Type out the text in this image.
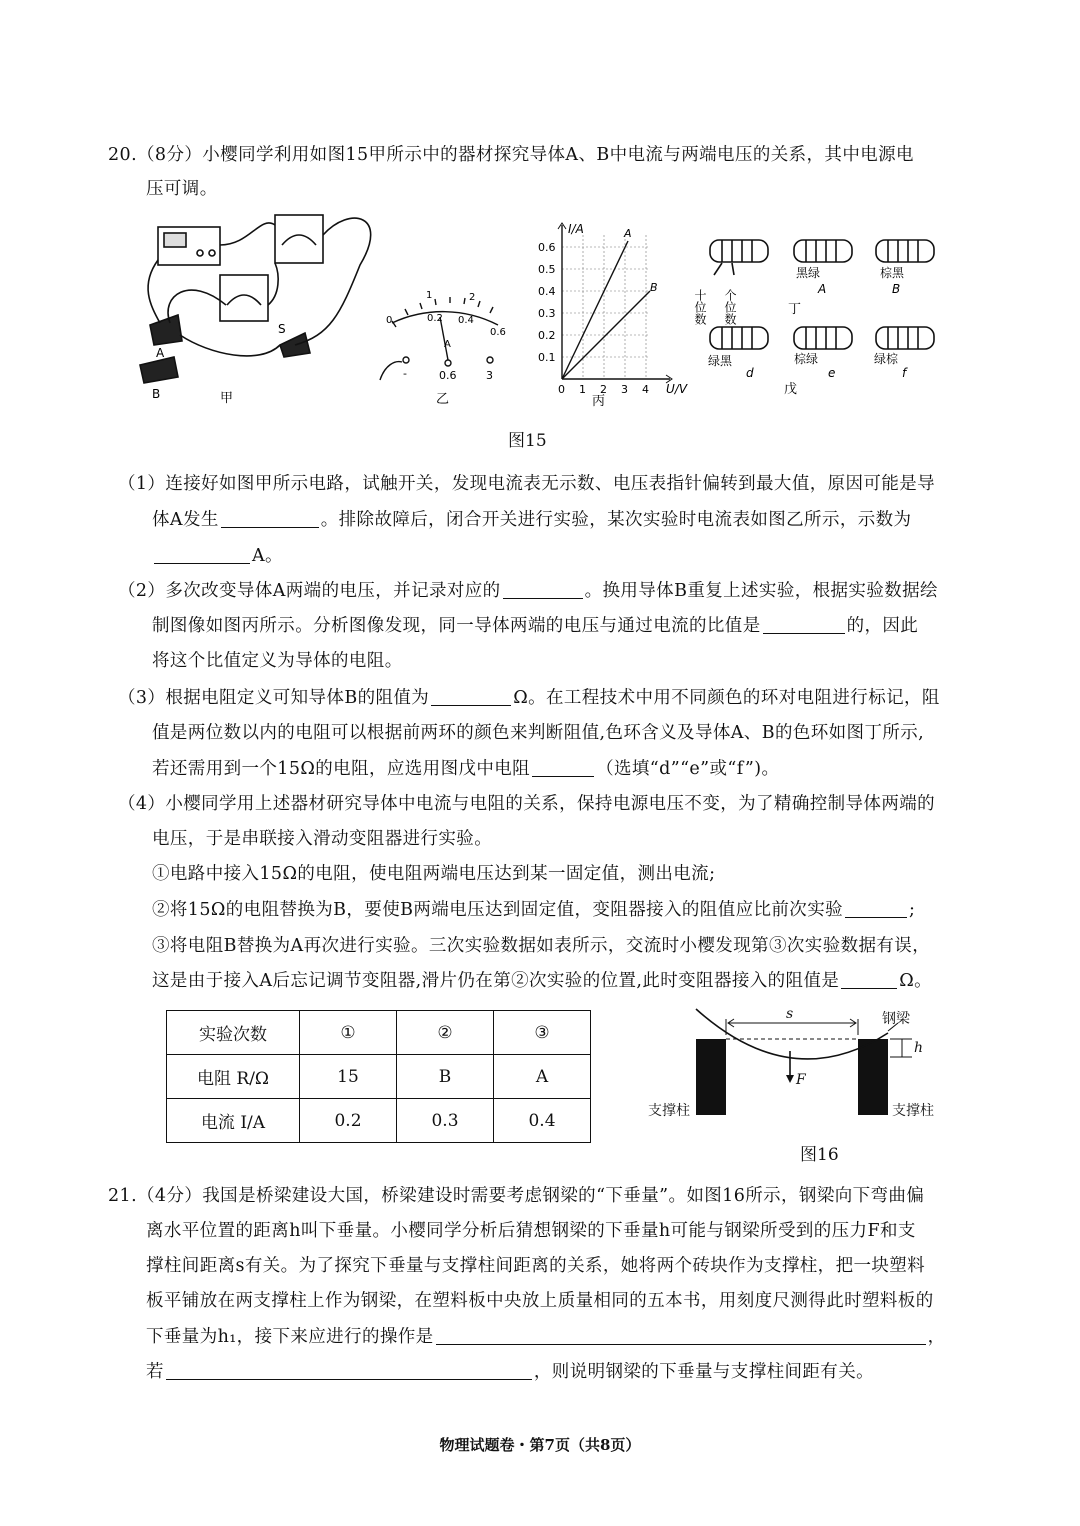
20.（8分）小樱同学利用如图15甲所示中的器材探究导体A、B中电流与两端电压的关系，其中电源电
压可调。
A
B
S
甲
0	0.2 0.4
0.6
1	2
A
-	0.6	3
乙
I/A
U/V
0.1
0.2
0.3
0.4
0.5
0.6
0 1 2 3 4
A
B
丙
十位数 个位数
黑绿
A
棕黑
B
丁
绿黑
d
棕绿
e
绿棕
f
戊
图15
（1）连接好如图甲所示电路，试触开关，发现电流表无示数、电压表指针偏转到最大值，原因可能是导
体A发生	。排除故障后，闭合开关进行实验，某次实验时电流表如图乙所示，示数为
A。
（2）多次改变导体A两端的电压，并记录对应的	。换用导体B重复上述实验，根据实验数据绘
制图像如图丙所示。分析图像发现，同一导体两端的电压与通过电流的比值是	的，因此
将这个比值定义为导体的电阻。
（3）根据电阻定义可知导体B的阻值为	Ω。在工程技术中用不同颜色的环对电阻进行标记，阻
值是两位数以内的电阻可以根据前两环的颜色来判断阻值,色环含义及导体A、B的色环如图丁所示,
若还需用到一个15Ω的电阻，应选用图戊中电阻	（选填“d”“e”或“f”)。
（4）小樱同学用上述器材研究导体中电流与电阻的关系，保持电源电压不变，为了精确控制导体两端的
电压，于是串联接入滑动变阻器进行实验。
①电路中接入15Ω的电阻，使电阻两端电压达到某一固定值，测出电流;
②将15Ω的电阻替换为B，要使B两端电压达到固定值，变阻器接入的阻值应比前次实验	;
③将电阻B替换为A再次进行实验。三次实验数据如表所示，交流时小樱发现第③次实验数据有误，
这是由于接入A后忘记调节变阻器,滑片仍在第②次实验的位置,此时变阻器接入的阻值是	Ω。
实验次数	①	②	③
电阻 R/Ω	15	B	A
电流 I/A	0.2	0.3	0.4
s	钢梁
h
F
支撑柱	支撑柱
图16
21.（4分）我国是桥梁建设大国，桥梁建设时需要考虑钢梁的“下垂量”。如图16所示，钢梁向下弯曲偏
离水平位置的距离h叫下垂量。小樱同学分析后猜想钢梁的下垂量h可能与钢梁所受到的压力F和支
撑柱间距离s有关。为了探究下垂量与支撑柱间距离的关系，她将两个砖块作为支撑柱，把一块塑料
板平铺放在两支撑柱上作为钢梁，在塑料板中央放上质量相同的五本书，用刻度尺测得此时塑料板的
下垂量为h₁，接下来应进行的操作是	，
若	，则说明钢梁的下垂量与支撑柱间距有关。
物理试题卷・第7页（共8页）
